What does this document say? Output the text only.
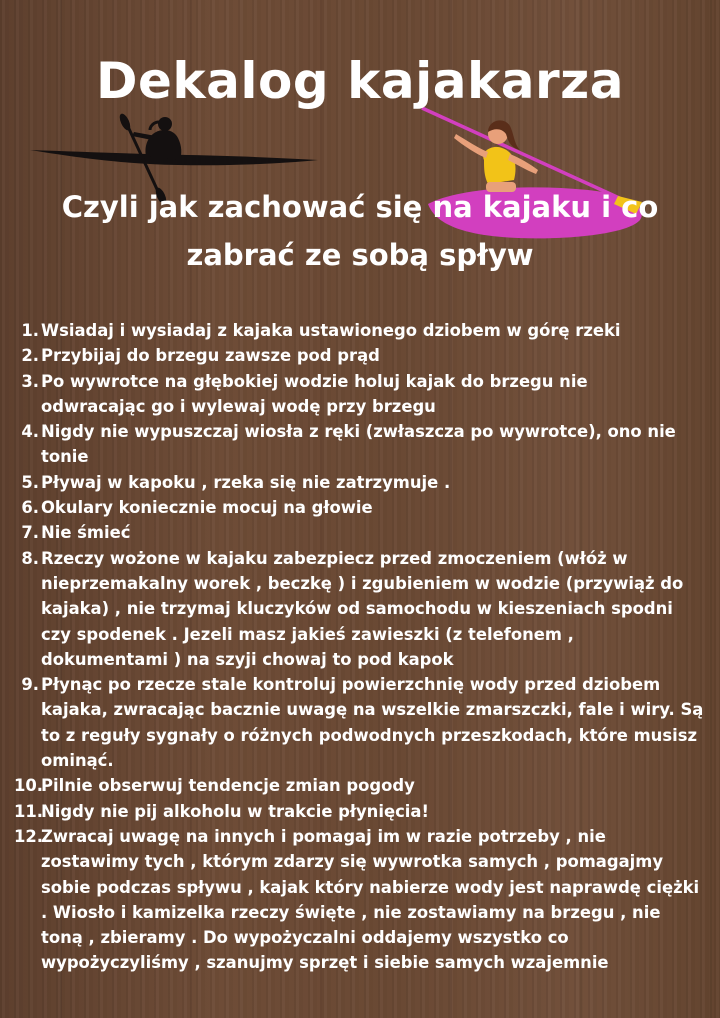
Dekalog kajakarza
Czyli jak zachować się na kajaku i co
zabrać ze sobą spływ
1. Wsiadaj i wysiadaj z kajaka ustawionego dziobem w górę rzeki
2. Przybijaj do brzegu zawsze pod prąd
3. Po wywrotce na głębokiej wodzie holuj kajak do brzegu nie
odwracając go i wylewaj wodę przy brzegu
4. Nigdy nie wypuszczaj wiosła z ręki (zwłaszcza po wywrotce), ono nie
tonie
5. Pływaj w kapoku , rzeka się nie zatrzymuje .
6. Okulary koniecznie mocuj na głowie
7. Nie śmieć
8. Rzeczy wożone w kajaku zabezpiecz przed zmoczeniem (włóż w
nieprzemakalny worek , beczkę ) i zgubieniem w wodzie (przywiąż do
kajaka) , nie trzymaj kluczyków od samochodu w kieszeniach spodni
czy spodenek . Jezeli masz jakieś zawieszki (z telefonem ,
dokumentami ) na szyji chowaj to pod kapok
9. Płynąc po rzecze stale kontroluj powierzchnię wody przed dziobem
kajaka, zwracając bacznie uwagę na wszelkie zmarszczki, fale i wiry. Są
to z reguły sygnały o różnych podwodnych przeszkodach, które musisz
ominąć.
10.
Pilnie obserwuj tendencje zmian pogody
11.
Nigdy nie pij alkoholu w trakcie płynięcia!
12.
Zwracaj uwagę na innych i pomagaj im w razie potrzeby , nie
zostawimy tych , którym zdarzy się wywrotka samych , pomagajmy
sobie podczas spływu , kajak który nabierze wody jest naprawdę ciężki
. Wiosło i kamizelka rzeczy święte , nie zostawiamy na brzegu , nie
toną , zbieramy . Do wypożyczalni oddajemy wszystko co
wypożyczyliśmy , szanujmy sprzęt i siebie samych wzajemnie
